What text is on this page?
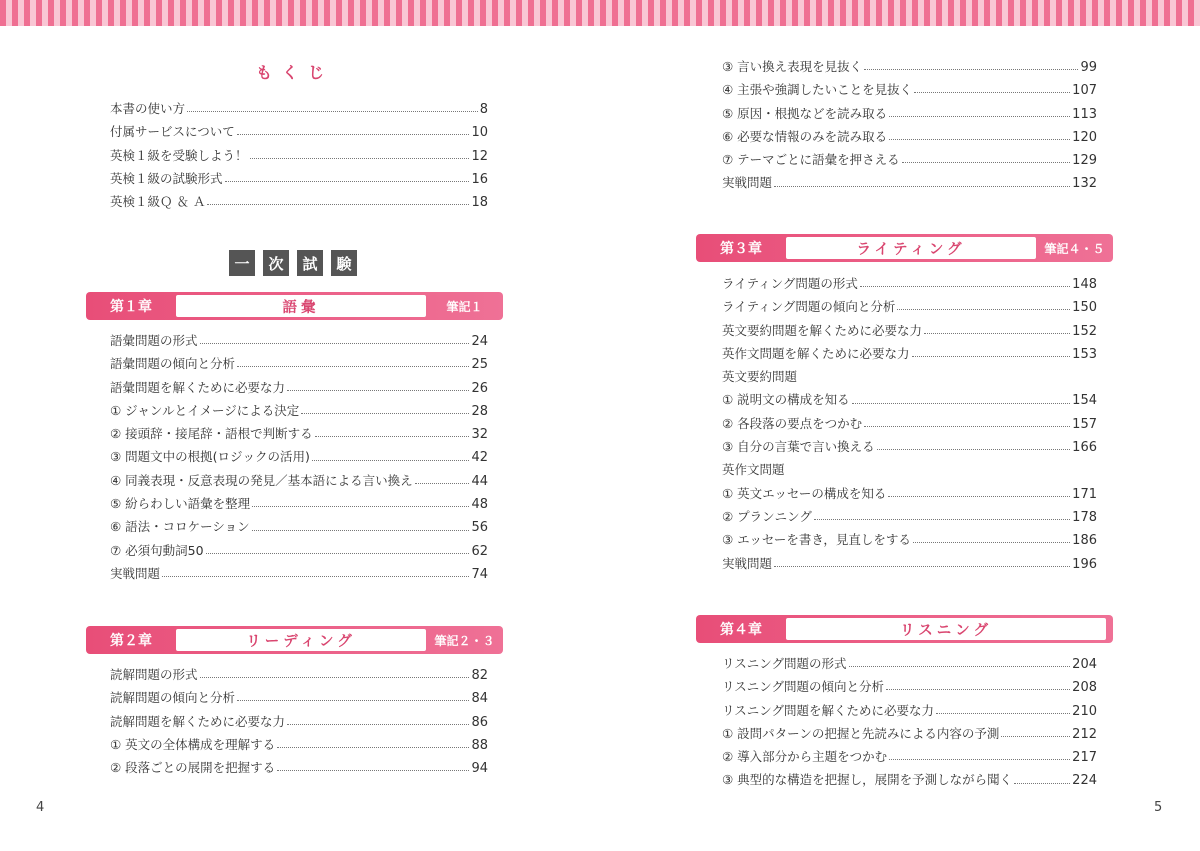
もくじ
本書の使い方	8
付属サービスについて	10
英検１級を受験しよう！	12
英検１級の試験形式	16
英検１級Ｑ ＆ Ａ	18
一	次	試	験
第１章	語彙	筆記１
語彙問題の形式	24
語彙問題の傾向と分析	25
語彙問題を解くために必要な力	26
① ジャンルとイメージによる決定	28
② 接頭辞・接尾辞・語根で判断する	32
③ 問題文中の根拠(ロジックの活用)	42
④ 同義表現・反意表現の発見／基本語による言い換え	44
⑤ 紛らわしい語彙を整理	48
⑥ 語法・コロケーション	56
⑦ 必須句動詞50	62
実戦問題	74
第２章	リーディング	筆記２・３
読解問題の形式	82
読解問題の傾向と分析	84
読解問題を解くために必要な力	86
① 英文の全体構成を理解する	88
② 段落ごとの展開を把握する	94
4
③ 言い換え表現を見抜く	99
④ 主張や強調したいことを見抜く	107
⑤ 原因・根拠などを読み取る	113
⑥ 必要な情報のみを読み取る	120
⑦ テーマごとに語彙を押さえる	129
実戦問題	132
第３章	ライティング	筆記４・５
ライティング問題の形式	148
ライティング問題の傾向と分析	150
英文要約問題を解くために必要な力	152
英作文問題を解くために必要な力	153
英文要約問題
① 説明文の構成を知る	154
② 各段落の要点をつかむ	157
③ 自分の言葉で言い換える	166
英作文問題
① 英文エッセーの構成を知る	171
② プランニング	178
③ エッセーを書き，見直しをする	186
実戦問題	196
第４章	リスニング
リスニング問題の形式	204
リスニング問題の傾向と分析	208
リスニング問題を解くために必要な力	210
① 設問パターンの把握と先読みによる内容の予測	212
② 導入部分から主題をつかむ	217
③ 典型的な構造を把握し，展開を予測しながら聞く	224
5
